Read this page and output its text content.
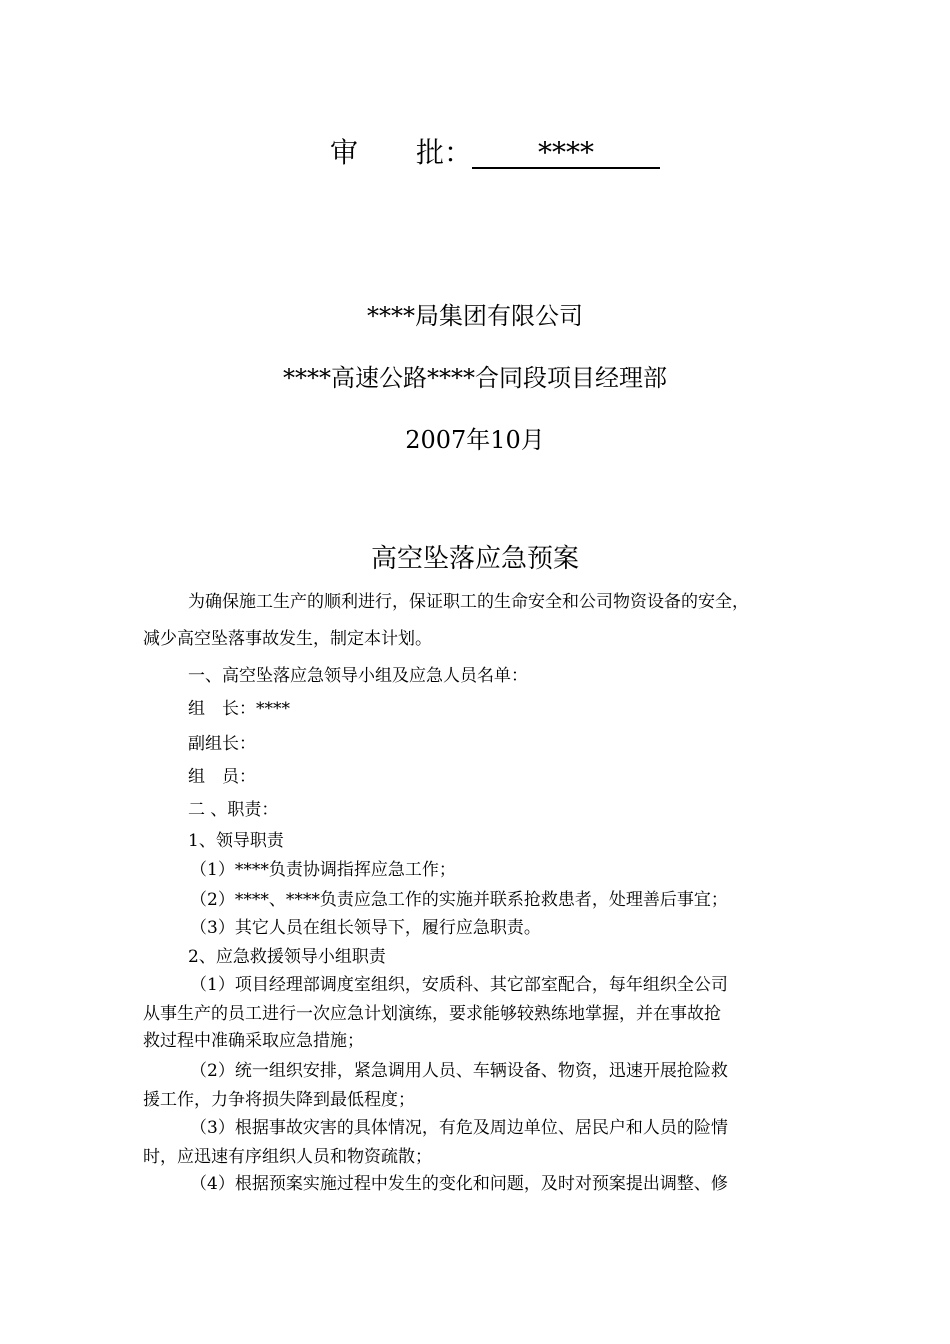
审 批： ****
****局集团有限公司
****高速公路****合同段项目经理部
2007年10月
高空坠落应急预案
为确保施工生产的顺利进行，保证职工的生命安全和公司物资设备的安全，
减少高空坠落事故发生，制定本计划。
一、高空坠落应急领导小组及应急人员名单：
组　长：****
副组长：
组　员：
二 、职责：
1、领导职责
（1）****负责协调指挥应急工作；
（2）****、****负责应急工作的实施并联系抢救患者，处理善后事宜；
（3）其它人员在组长领导下，履行应急职责。
2、应急救援领导小组职责
（1）项目经理部调度室组织，安质科、其它部室配合，每年组织全公司
从事生产的员工进行一次应急计划演练，要求能够较熟练地掌握，并在事故抢
救过程中准确采取应急措施；
（2）统一组织安排，紧急调用人员、车辆设备、物资，迅速开展抢险救
援工作，力争将损失降到最低程度；
（3）根据事故灾害的具体情况，有危及周边单位、居民户和人员的险情
时，应迅速有序组织人员和物资疏散；
（4）根据预案实施过程中发生的变化和问题，及时对预案提出调整、修
